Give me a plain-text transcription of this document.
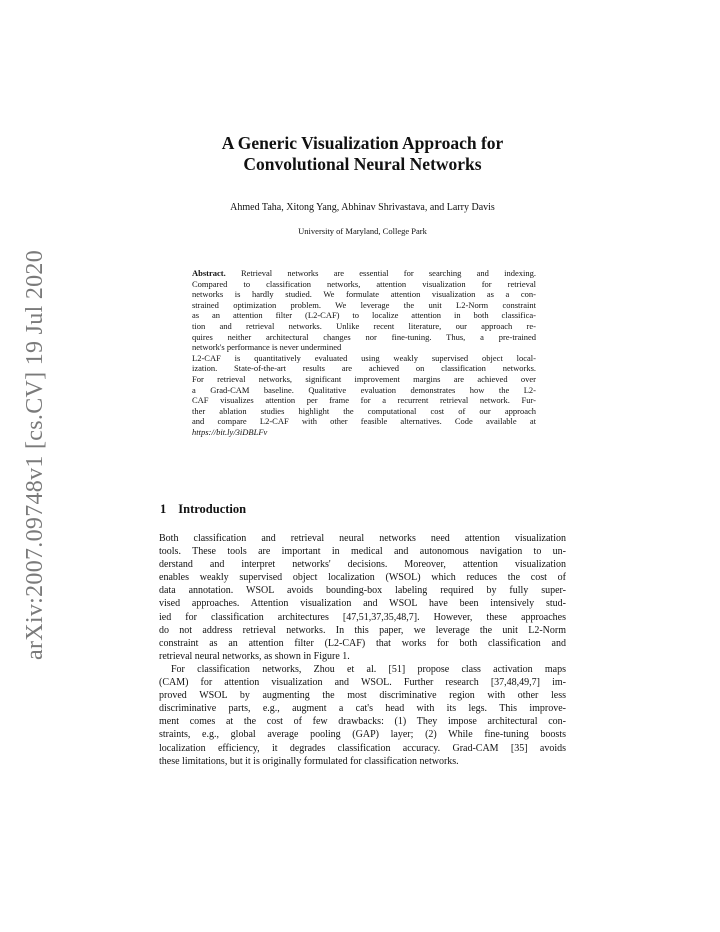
arXiv:2007.09748v1 [cs.CV] 19 Jul 2020
A Generic Visualization Approach for
Convolutional Neural Networks
Ahmed Taha, Xitong Yang, Abhinav Shrivastava, and Larry Davis
University of Maryland, College Park
Abstract. Retrieval networks are essential for searching and indexing.
Compared to classification networks, attention visualization for retrieval
networks is hardly studied. We formulate attention visualization as a con-
strained optimization problem. We leverage the unit L2-Norm constraint
as an attention filter (L2-CAF) to localize attention in both classifica-
tion and retrieval networks. Unlike recent literature, our approach re-
quires neither architectural changes nor fine-tuning. Thus, a pre-trained
network's performance is never undermined
L2-CAF is quantitatively evaluated using weakly supervised object local-
ization. State-of-the-art results are achieved on classification networks.
For retrieval networks, significant improvement margins are achieved over
a Grad-CAM baseline. Qualitative evaluation demonstrates how the L2-
CAF visualizes attention per frame for a recurrent retrieval network. Fur-
ther ablation studies highlight the computational cost of our approach
and compare L2-CAF with other feasible alternatives. Code available at
https://bit.ly/3iDBLFv
1 Introduction
Both classification and retrieval neural networks need attention visualization
tools. These tools are important in medical and autonomous navigation to un-
derstand and interpret networks' decisions. Moreover, attention visualization
enables weakly supervised object localization (WSOL) which reduces the cost of
data annotation. WSOL avoids bounding-box labeling required by fully super-
vised approaches. Attention visualization and WSOL have been intensively stud-
ied for classification architectures [47,51,37,35,48,7]. However, these approaches
do not address retrieval networks. In this paper, we leverage the unit L2-Norm
constraint as an attention filter (L2-CAF) that works for both classification and
retrieval neural networks, as shown in Figure 1.
For classification networks, Zhou et al. [51] propose class activation maps
(CAM) for attention visualization and WSOL. Further research [37,48,49,7] im-
proved WSOL by augmenting the most discriminative region with other less
discriminative parts, e.g., augment a cat's head with its legs. This improve-
ment comes at the cost of few drawbacks: (1) They impose architectural con-
straints, e.g., global average pooling (GAP) layer; (2) While fine-tuning boosts
localization efficiency, it degrades classification accuracy. Grad-CAM [35] avoids
these limitations, but it is originally formulated for classification networks.
